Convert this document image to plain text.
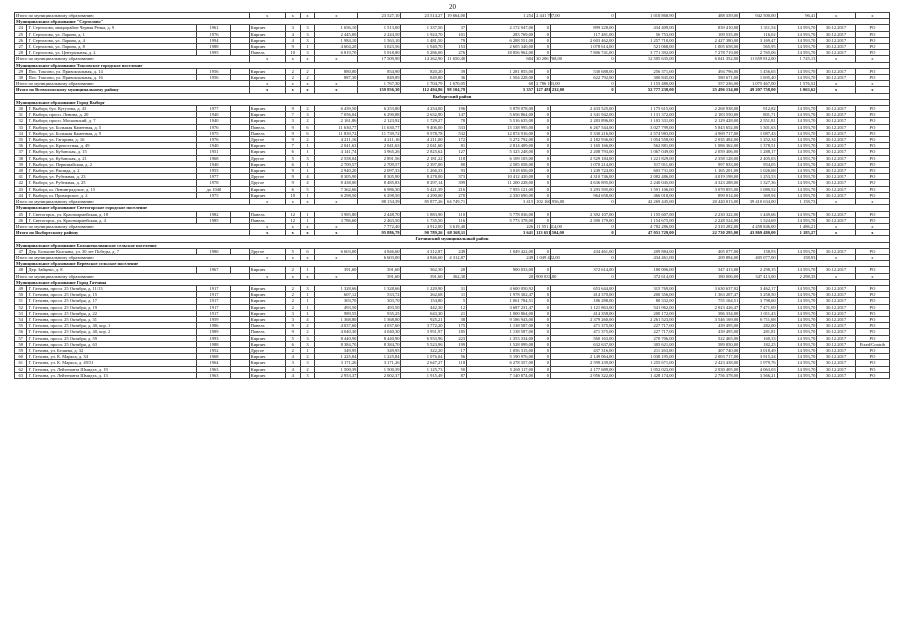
20
Итого по муниципальному образованию				x	x	x	x	23 527,10	23 514,27	19 664,00	1 254	2 441 707,00	0	1 010 868,90	488 339,00	942 500,00	96,41	x	x
Муниципальное образование "Сертолово"																			
24	Г. Сертолово, микрорайон Черная Речка, д. 9	1961		Кирпич	3	3	1 656,10	1 513,00	1 337,50	37	2 172 947,00	0	899 228,00	434 409,00	839 410,00	1 311,54	14 593,70	30.12.2017	РО
25	Г. Сертолово, ул. Ларина, д. 1	1976		Кирпич	4	3	2 445,80	2 244,50	1 924,70	101	283 769,00	0	117 481,00	56 753,00	109 535,00	116,02	14 593,70	30.12.2017	РО
26	Г. Сертолово, ул. Ларина, д. 4	1994		Кирпич	4	3	1 984,10	1 563,10	1 481,50	79	6 288 551,00	0	2 603 462,00	1 257 710,00	2 427 380,00	3 169,47	14 593,70	30.12.2017	РО
27	Г. Сертолово, ул. Ларина, д. 8	1988		Кирпич	9	1	4 604,20	3 023,56	1 940,70	153	2 605 340,00	0	1 078 614,00	521 068,00	1 005 658,00	565,95	14 593,70	30.12.2017	РО
28	Г. Сертолово, ул. Центральная, д. 2	1995		Панель	10	3	6 819,70	5 918,80	5 286,00	276	18 856 962,00	0	7 806 741,00	3 771 392,00	7 278 719,00	2 765,06	14 593,70	30.12.2017	РО
Итого по муниципальному образованию				x	x	x	x	17 509,90	14 262,90	11 650,40	684	30 206 768,00	0	12 505 635,00	6 041 352,00	11 659 812,00	1 725,13	x	x
Муниципальное образование Токсовское городское поселение																			
29	Пос. Токсово, ул. Привокзальная, д. 14	1956		Кирпич	2	2	880,00	854,90	820,20	39	1 281 855,00	0	530 688,00	256 371,00	494 796,00	1 456,65	14 593,70	30.12.2017	РО
30	Пос. Токсово, ул. Привокзальная, д. 16	1956		Кирпич	2	2	887,30	849,89	849,80	36	1 504 228,00	0	622 792,00	300 845,00	580 671,00	1 695,40	14 593,70	30.12.2017	РО
Итого по муниципальному образованию				x	x	x	x	1 767,30	1 704,79	1 670,05	68	2 786 183,00	0	1 153 480,00	557 236,00	1 075 467,00	1 576,52	x	x
Итого по Всеволожскому муниципальному району				x	x	x	x	159 856,30	112 494,86	98 104,79	5 357	127 481 232,00	0	52 777 238,00	25 496 134,00	49 207 758,00	1 063,62	x	x
Выборгский район																			
Муниципальное образование Город Выборг																			
30	Г. Выборг, бул. Кутузова, д. 43	1977		Кирпич	9	2	6 439,50	6 253,80	4 254,00	196	5 878 078,00	0	2 433 525,00	1 175 615,00	2 268 938,00	912,82	14 593,70	30.12.2017	РО
31	Г. Выборг, просп. Ленина, д. 20	1940		Кирпич	7	3	7 056,04	6 290,88	2 632,90	147	5 656 864,00	0	2 341 942,00	1 131 372,00	2 183 550,00	801,71	14 593,70	30.12.2017	РО
32	Г. Выборг, просп. Московский, д. 7	1940		Кирпич	3	2	2 161,86	2 123,92	1 729,27	78	5 516 635,00	0	2 283 896,00	1 103 331,00	2 129 428,00	2 551,81	14 593,70	30.12.2017	РО
33	Г. Выборг, ул. Большая Каменная, д. 5	1976		Панель	9	6	11 630,77	11 630,77	9 406,00	533	15 138 995,00	0	6 267 544,00	3 027 799,00	5 843 652,00	1 301,63	14 593,70	30.12.2017	РО
34	Г. Выборг, ул. Большая Каменная, д. 9	1975		Панель	9	6	11 839,72	11 739,72	9 578,78	532	12 874 916,00	0	5 330 216,00	2 574 983,00	4 969 717,00	1 087,43	14 593,70	30.12.2017	РО
35	Г. Выборг, ул. Гагарина, д. 16	1976		Другое	9	2	4 211,16	4 211,16	4 211,00	172	5 272 792,00	0	2 182 936,00	1 054 558,00	2 035 484,00	1 252,34	14 593,70	30.12.2017	РО
36	Г. Выборг, ул. Крепостная, д. 49	1940		Кирпич	7	1	2 041,63	2 041,63	2 041,60	81	2 814 409,00	0	1 165 166,00	562 881,00	1 086 362,00	1 378,51	14 593,70	30.12.2017	РО
37	Г. Выборг, ул. Кубанская, д. 15	1951		Кирпич	6	1	4 141,74	3 965,26	2 825,62	127	5 325 248,00	0	2 208 793,00	1 067 049,00	2 059 406,00	1 288,17	14 593,70	30.12.2017	РО
38	Г. Выборг, ул. Кубанская, д. 21	1968		Другое	5	3	2 558,04	2 891,56	2 181,22	118	6 109 105,00	0	2 529 184,00	1 221 829,00	2 358 128,00	2 405,03	14 593,70	30.12.2017	РО
39	Г. Выборг, ул. Первомайская, д. 2	1940		Кирпич	6	1	2 709,57	2 709,57	2 397,00	80	2 585 058,00	0	1 070 214,00	517 011,00	997 833,00	954,05	14 593,70	30.12.2017	РО
40	Г. Выборг, ул. Рашида, д. 2	1955		Кирпич	9	1	2 940,20	2 097,33	1 266,33	93	3 018 656,00	0	1 249 724,00	603 731,00	1 165 201,00	1 026,68	14 593,70	30.12.2017	РО
41	Г. Выборг, ул. Рубежная, д. 23	1977		Другое	9	4	8 305,90	8 305,90	8 278,00	373	10 412 430,00	0	4 310 746,00	2 082 486,00	4 019 198,00	1 253,53	14 593,70	30.12.2017	РО
42	Г. Выборг, ул. Рубежная, д. 25	1978		Другое	9	4	8 438,00	8 485,83	8 297,14	399	11 200 228,00	0	4 636 895,00	2 240 045,00	4 323 288,00	1 327,36	14 593,70	30.12.2017	РО
43	Г. Выборг, ш. Ленинградское, д. 15	до 1940		Кирпич	6	5	7 362,66	6 986,30	5 421,39	216	7 955 121,00	0	3 293 595,00	1 591 106,00	3 070 855,00	1 080,52	14 593,70	30.12.2017	РО
44	Г. Выборг, ш. Приморское, д. 2	1975		Кирпич	10	1	6 298,50	6 298,50	4 290,00	270	2 330 690,00	0	964 658,00	466 018,00	899 014,00	369,94	14 593,70	30.12.2017	РО
Итого по муниципальному образованию				x	x	x	x	88 134,39	85 877,26	64 749,71	3 415	102 160 956,00	0	42 269 445,00	20 420 013,00	39 410 634,00	1 158,73	x	x
Муниципальное образование Светогорское городское поселение																			
45	Г. Светогорск, ул. Красноармейская, д. 18	1982		Панель	12	1	3 985,80	2 448,70	1 883,90	110	5 778 036,00	0	2 392 107,00	1 155 607,00	2 230 322,00	1 449,66	14 593,70	30.12.2017	РО
46	Г. Светогорск, ул. Красноармейская, д. 4	1985		Панель	12	1	3 786,60	2 463,50	1 735,50	116	5 773 378,00	0	2 390 179,00	1 154 675,00	2 228 524,00	1 524,69	14 593,70	30.12.2017	РО
Итого по муниципальному образованию				x	x	x	x	7 772,40	4 912,00	3 619,40	226	11 551 414,00	0	4 782 286,00	2 310 282,00	4 458 846,00	1 486,21	x	x
Итого по Выборгскому району				x	x	x	x	95 886,79	90 789,26	68 368,11	3 641	113 651 504,00	0	47 051 729,00	22 730 295,00	43 869 480,00	1 185,27	x	x
Гатчинский муниципальный район																			
Муниципальное образование Большеколпанское сельское поселение																			
47	Дер. Большие Колпаны, ул. 30 лет Победы, д. 7	1980		Другое	5	6	6 603,00	4 846,60	4 312,87	249	1 049 422,00	0	434 461,00	209 884,00	405 077,00	158,93	14 593,70	30.12.2017	РО
Итого по муниципальному образованию				x	x	x	x	6 603,00	4 846,60	4 312,87	249	1 049 422,00	0	434 461,00	209 884,00	405 077,00	158,93	x	x
Муниципальное образование Веревское сельское поселение																			
48	Дер. Зайцево, д. 8	1967		Кирпич	2	1	391,60	391,60	362,30	20	900 033,00	0	372 614,00	180 006,00	347 413,00	2 298,35	14 593,70	30.12.2017	РО
Итого по муниципальному образованию				x	x	x	x	391,60	391,60	362,30	20	900 033,00	0	372 614,00	180 006,00	347 413,00	2 298,35	x	x
Муниципальное образование Город Гатчина																			
49	Г. Гатчина, просп. 25 Октября, д. 11/13	1917		Кирпич	2	3	1 328,66	1 328,66	1 229,90	31	4 600 050,92	0	653 644,00	315 769,00	3 630 637,92	3 462,17	14 593,70	30.12.2017	РО
50	Г. Гатчина, просп. 25 Октября, д. 15	1917		Кирпич	2	1	607,12	533,72	262,68	11	1 978 302,47	0	414 370,00	200 356,00	1 363 207,47	3 258,50	14 593,70	30.12.2017	РО
51	Г. Гатчина, просп. 25 Октября, д. 17	1917		Кирпич	2	1	303,70	303,70	154,80	5	1 061 784,51	0	186 288,00	80 332,00	755 164,51	3 798,60	14 593,70	30.12.2017	РО
52	Г. Гатчина, просп. 25 Октября, д. 19	1917		Кирпич	2	1	493,50	493,50	442,30	12	3 687 231,47	0	1 121 863,00	541 962,00	2 023 426,47	7 471,69	14 593,70	30.12.2017	РО
53	Г. Гатчина, просп. 25 Октября, д. 22	1917		Кирпич	3	1	989,55	935,25	643,30	21	1 000 864,00	0	414 358,00	200 172,00	386 334,00	1 011,43	14 593,70	30.12.2017	РО
54	Г. Гатчина, просп. 25 Октября, д. 31	1959		Кирпич	3	4	1 368,80	1 368,80	925,21	38	9 186 943,00	0	2 379 260,00	2 261 523,00	3 546 169,00	6 711,68	14 593,70	30.12.2017	РО
55	Г. Гатчина, просп. 25 Октября, д. 40, кор. 1	1986		Панель	9	2	4 037,60	4 037,60	3 772,20	175	1 138 587,00	0	471 375,00	227 717,00	439 495,00	282,00	14 593,70	30.12.2017	РО
56	Г. Гатчина, просп. 25 Октября, д. 40, кор. 2	1989		Панель	9	2	4 040,30	4 040,30	3 951,97	185	1 138 587,00	0	471 375,00	227 717,00	439 495,00	281,81	14 593,70	30.12.2017	РО
57	Г. Гатчина, просп. 25 Октября, д. 59	1993		Кирпич	5	3	8 440,90	8 440,90	6 933,96	223	1 353 334,00	0	560 163,00	270 706,00	522 465,00	160,33	14 593,70	30.12.2017	РО
58	Г. Гатчина, просп. 25 Октября, д. 63	1988		Кирпич	6	3	8 384,70	8 384,70	5 523,96	199	1 528 099,00	0	632 637,00	305 621,00	589 850,00	182,25	14 593,70	30.12.2017	Fixed/Contrib
59	Г. Гатчина, ул. Беляева, д. 32	1952		Другое	2	1	349,95	349,95	322,20	17	1 056 315,00	0	437 316,00	211 263,00	407 740,00	3 018,49	14 593,70	30.12.2017	РО
60	Г. Гатчина, ул. К. Маркса, д. 34	1968		Кирпич	4	2	1 225,84	1 225,84	1 076,04	56	5 190 976,00	0	2 149 064,00	1 038 195,00	2 003 717,00	3 915,24	14 593,70	30.12.2017	РО
61	Г. Гатчина, ул. К. Маркса, д. 49/51	1964		Кирпич	3	3	3 171,26	3 171,26	2 647,27	118	6 278 357,00	0	2 599 239,00	1 255 671,00	2 423 438,00	1 979,76	14 593,70	30.12.2017	РО
62	Г. Гатчина, ул. Лейтенанта Шмидта, д. 19	1963		Кирпич	4	2	1 500,39	1 500,39	1 125,73	50	5 260 117,00	0	2 177 689,00	1 052 023,00	2 030 405,00	4 063,03	14 593,70	30.12.2017	РО
63	Г. Гатчина, ул. Лейтенанта Шмидта, д. 13	1963		Кирпич	4	3	2 953,37	2 002,37	1 915,49	87	7 140 874,00	0	2 956 322,00	1 428 174,00	2 756 378,00	3 566,21	14 593,70	30.12.2017	РО
